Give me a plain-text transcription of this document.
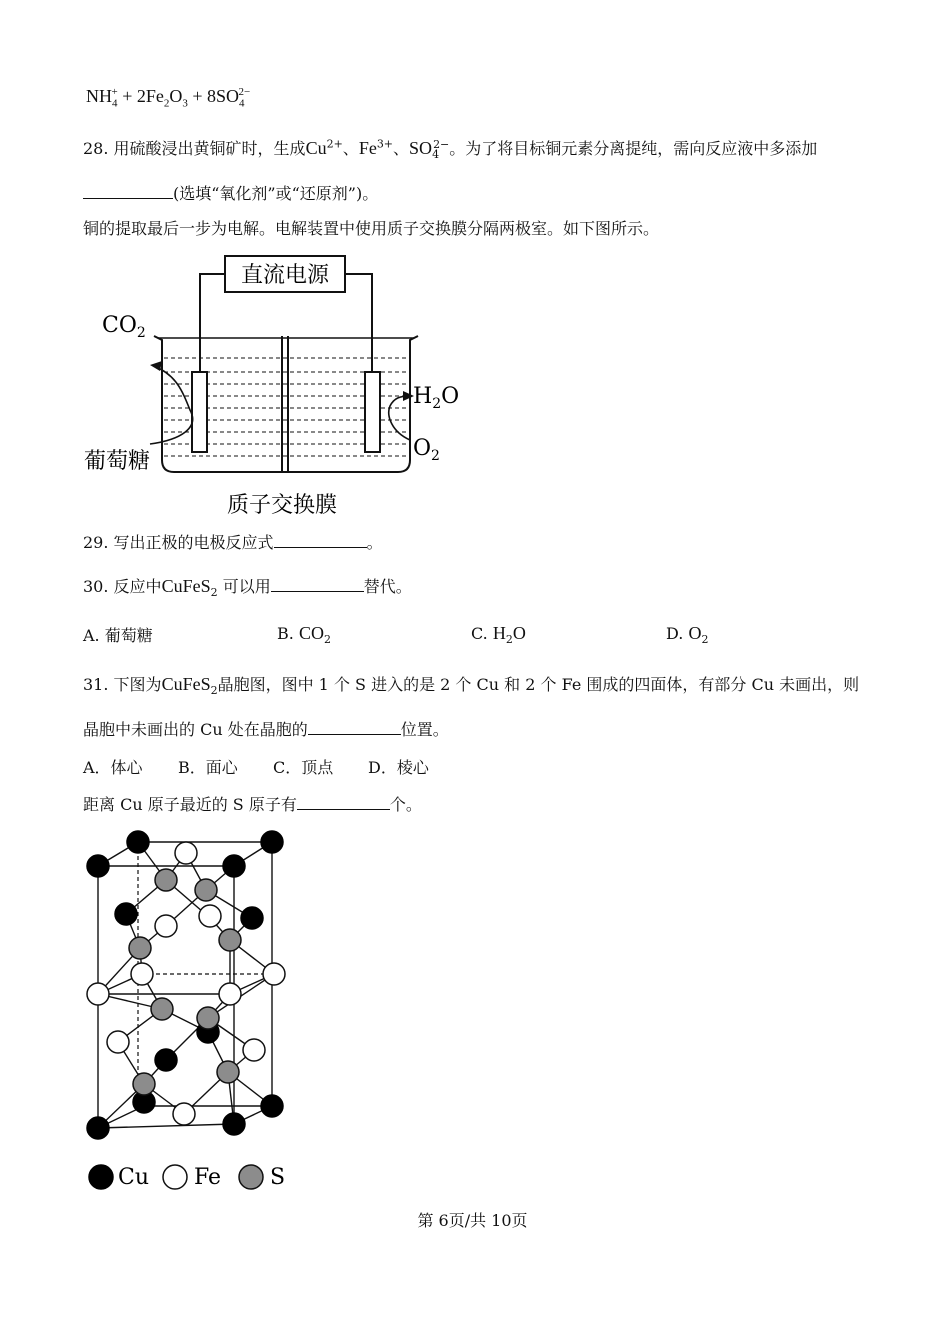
$NH_4^+ + 2Fe_2O_3 + 8SO_4^{2-}$
28. 用硫酸浸出黄铜矿时，生成$Cu^{2+}$、$Fe^{3+}$、$SO_4^{2-}$。为了将目标铜元素分离提纯，需向反应液中多添加
(选填“氧化剂”或“还原剂”)。
铜的提取最后一步为电解。电解装置中使用质子交换膜分隔两极室。如下图所示。
直流电源
$CO_2$
$H_2O$
$O_2$
葡萄糖
质子交换膜
29. 写出正极的电极反应式	。
30. 反应中CuFeS$_2$ 可以用	替代。
A. 葡萄糖	B. $CO_2$	C. $H_2O$	D. $O_2$
31. 下图为CuFeS$_2$晶胞图，图中 1 个 S 进入的是 2 个 Cu 和 2 个 Fe 围成的四面体，有部分 Cu 未画出，则
晶胞中未画出的 Cu 处在晶胞的	位置。
A．体心 B．面心 C．顶点 D．棱心
距离 Cu 原子最近的 S 原子有	个。
Cu Fe S
第 6页/共 10页
